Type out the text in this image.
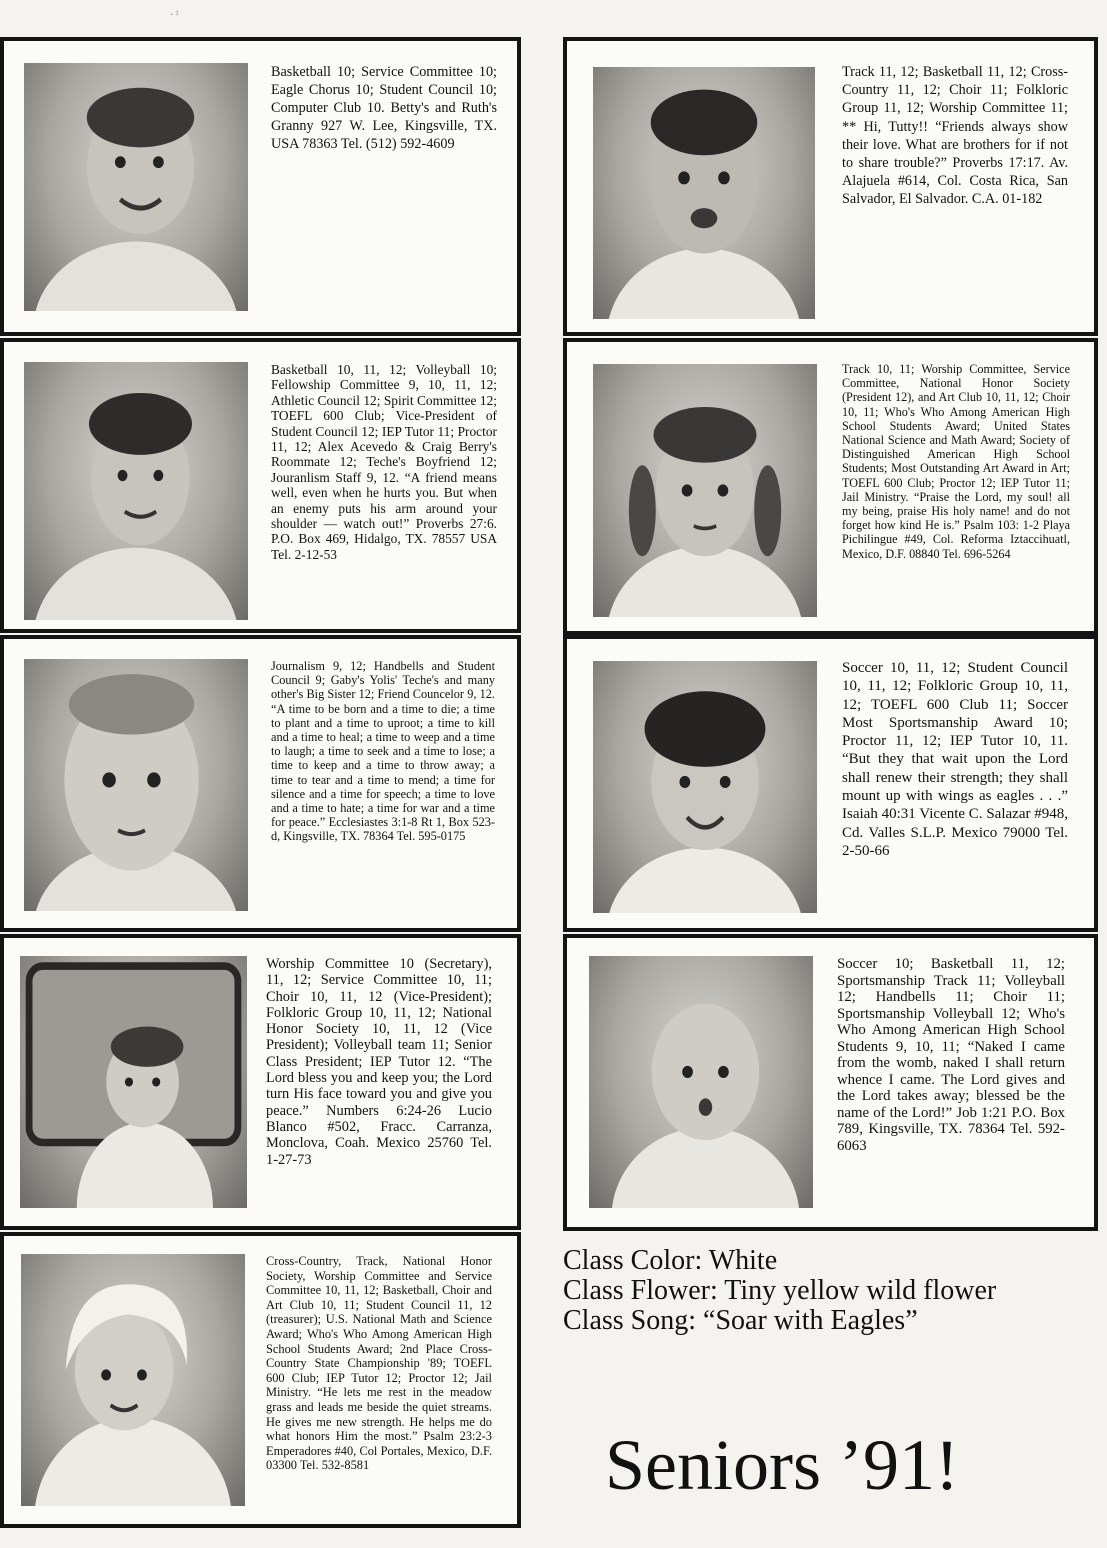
· ˀ

Basketball 10; Service Committee 10; Eagle Chorus 10; Student Council 10; Computer Club 10. Betty's and Ruth's Granny 927 W. Lee, Kingsville, TX. USA 78363 Tel. (512) 592-4609

Basketball 10, 11, 12; Volleyball 10; Fellowship Committee 9, 10, 11, 12; Athletic Council 12; Spirit Committee 12; TOEFL 600 Club; Vice-President of Student Council 12; IEP Tutor 11; Proctor 11, 12; Alex Acevedo & Craig Berry's Roommate 12; Teche's Boyfriend 12; Jouranlism Staff 9, 12. “A friend means well, even when he hurts you. But when an enemy puts his arm around your shoulder — watch out!” Proverbs 27:6. P.O. Box 469, Hidalgo, TX. 78557 USA Tel. 2-12-53

Journalism 9, 12; Handbells and Student Council 9; Gaby's Yolis' Teche's and many other's Big Sister 12; Friend Councelor 9, 12. “A time to be born and a time to die; a time to plant and a time to uproot; a time to kill and a time to heal; a time to weep and a time to laugh; a time to seek and a time to lose; a time to keep and a time to throw away; a time to tear and a time to mend; a time for silence and a time for speech; a time to love and a time to hate; a time for war and a time for peace.” Ecclesiastes 3:1-8 Rt 1, Box 523-d, Kingsville, TX. 78364 Tel. 595-0175

Worship Committee 10 (Secretary), 11, 12; Service Committee 10, 11; Choir 10, 11, 12 (Vice-President); Folkloric Group 10, 11, 12; National Honor Society 10, 11, 12 (Vice President); Volleyball team 11; Senior Class President; IEP Tutor 12. “The Lord bless you and keep you; the Lord turn His face toward you and give you peace.” Numbers 6:24-26 Lucio Blanco #502, Fracc. Carranza, Monclova, Coah. Mexico 25760 Tel. 1-27-73

Cross-Country, Track, National Honor Society, Worship Committee and Service Committee 10, 11, 12; Basketball, Choir and Art Club 10, 11; Student Council 11, 12 (treasurer); U.S. National Math and Science Award; Who's Who Among American High School Students Award; 2nd Place Cross-Country State Championship '89; TOEFL 600 Club; IEP Tutor 12; Proctor 12; Jail Ministry. “He lets me rest in the meadow grass and leads me beside the quiet streams. He gives me new strength. He helps me do what honors Him the most.” Psalm 23:2-3 Emperadores #40, Col Portales, Mexico, D.F. 03300 Tel. 532-8581

Track 11, 12; Basketball 11, 12; Cross-Country 11, 12; Choir 11; Folkloric Group 11, 12; Worship Committee 11; ** Hi, Tutty!! “Friends always show their love. What are brothers for if not to share trouble?” Proverbs 17:17. Av. Alajuela #614, Col. Costa Rica, San Salvador, El Salvador. C.A. 01-182

Track 10, 11; Worship Committee, Service Committee, National Honor Society (President 12), and Art Club 10, 11, 12; Choir 10, 11; Who's Who Among American High School Students Award; United States National Science and Math Award; Society of Distinguished American High School Students; Most Outstanding Art Award in Art; TOEFL 600 Club; Proctor 12; IEP Tutor 11; Jail Ministry. “Praise the Lord, my soul! all my being, praise His holy name! and do not forget how kind He is.” Psalm 103: 1-2 Playa Pichilingue #49, Col. Reforma Iztaccihuatl, Mexico, D.F. 08840 Tel. 696-5264

Soccer 10, 11, 12; Student Council 10, 11, 12; Folkloric Group 10, 11, 12; TOEFL 600 Club 11; Soccer Most Sportsmanship Award 10; Proctor 11, 12; IEP Tutor 10, 11. “But they that wait upon the Lord shall renew their strength; they shall mount up with wings as eagles . . .” Isaiah 40:31 Vicente C. Salazar #948, Cd. Valles S.L.P. Mexico 79000 Tel. 2-50-66

Soccer 10; Basketball 11, 12; Sportsmanship Track 11; Volleyball 12; Handbells 11; Choir 11; Sportsmanship Volleyball 12; Who's Who Among American High School Students 9, 10, 11; “Naked I came from the womb, naked I shall return whence I came. The Lord gives and the Lord takes away; blessed be the name of the Lord!” Job 1:21 P.O. Box 789, Kingsville, TX. 78364 Tel. 592-6063

Class Color: White
Class Flower: Tiny yellow wild flower
Class Song: “Soar with Eagles”
Seniors ’91!
